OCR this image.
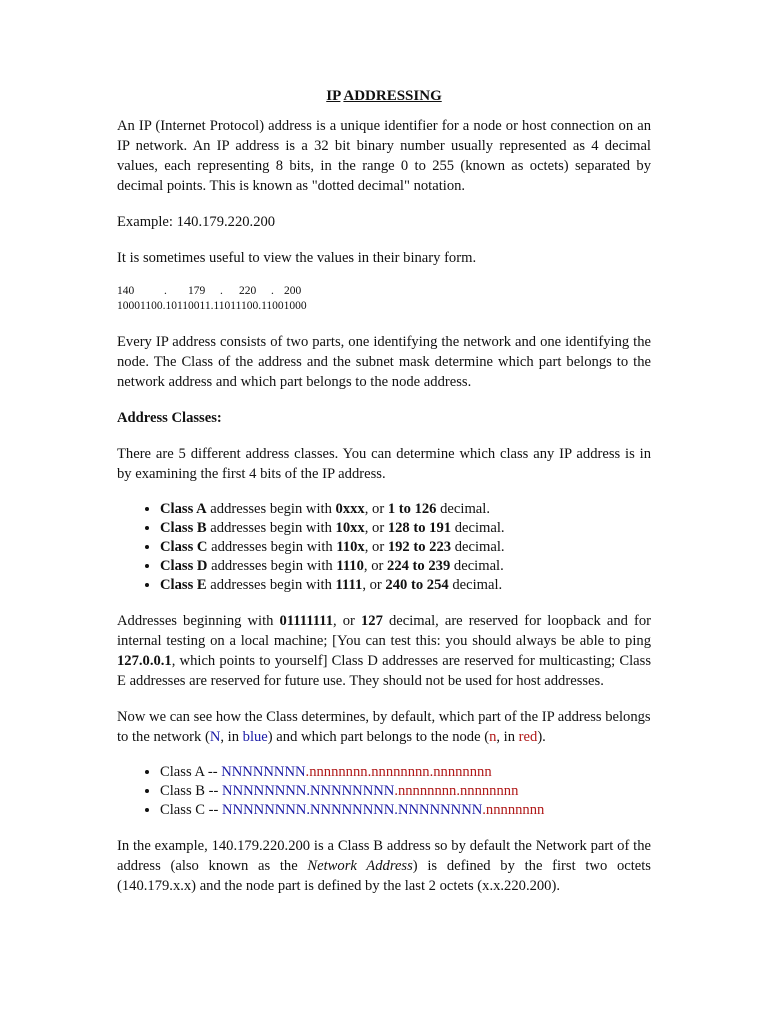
IP ADDRESSING

An IP (Internet Protocol) address is a unique identifier for a node or host connection on an IP network. An IP address is a 32 bit binary number usually represented as 4 decimal values, each representing 8 bits, in the range 0 to 255 (known as octets) separated by decimal points. This is known as "dotted decimal" notation.

Example: 140.179.220.200

It is sometimes useful to view the values in their binary form.

140	. 179 . 220 . 200
10001100.10110011.11011100.11001000

Every IP address consists of two parts, one identifying the network and one identifying the node. The Class of the address and the subnet mask determine which part belongs to the network address and which part belongs to the node address.

Address Classes:

There are 5 different address classes. You can determine which class any IP address is in by examining the first 4 bits of the IP address.

• Class A addresses begin with 0xxx, or 1 to 126 decimal.
• Class B addresses begin with 10xx, or 128 to 191 decimal.
• Class C addresses begin with 110x, or 192 to 223 decimal.
• Class D addresses begin with 1110, or 224 to 239 decimal.
• Class E addresses begin with 1111, or 240 to 254 decimal.

Addresses beginning with 01111111, or 127 decimal, are reserved for loopback and for internal testing on a local machine; [You can test this: you should always be able to ping 127.0.0.1, which points to yourself] Class D addresses are reserved for multicasting; Class E addresses are reserved for future use. They should not be used for host addresses.

Now we can see how the Class determines, by default, which part of the IP address belongs to the network (N, in blue) and which part belongs to the node (n, in red).

• Class A -- NNNNNNNN.nnnnnnnn.nnnnnnnn.nnnnnnnn
• Class B -- NNNNNNNN.NNNNNNNN.nnnnnnnn.nnnnnnnn
• Class C -- NNNNNNNN.NNNNNNNN.NNNNNNNN.nnnnnnnn

In the example, 140.179.220.200 is a Class B address so by default the Network part of the address (also known as the Network Address) is defined by the first two octets (140.179.x.x) and the node part is defined by the last 2 octets (x.x.220.200).
